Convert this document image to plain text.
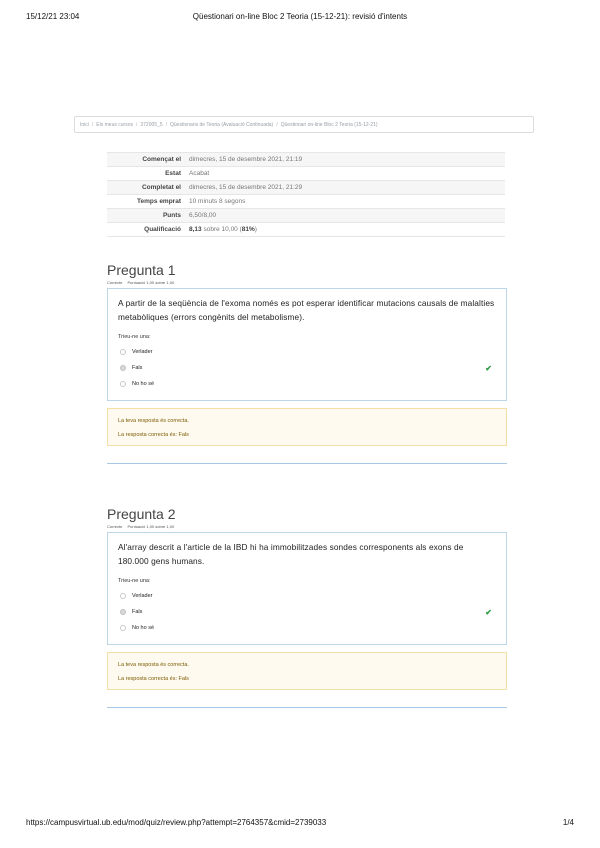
15/12/21 23:04	Qüestionari on-line Bloc 2 Teoria (15-12-21): revisió d'intents
Inici / Els meus cursos / 372005_5 / Qüestionaris de Teoria (Avaluació Continuada) / Qüestionari on-line Bloc 2 Teoria (15-12-21)
Començat el	dimecres, 15 de desembre 2021, 21:19
Estat	Acabat
Completat el	dimecres, 15 de desembre 2021, 21:29
Temps emprat	10 minuts 8 segons
Punts	6,50/8,00
Qualificació	8,13 sobre 10,00 (81%)
Pregunta 1
Correcte Puntuació 1,00 sobre 1,00
A partir de la seqüència de l'exoma només es pot esperar identificar mutacions causals de malalties metabòliques (errors congènits del metabolisme).
Trieu-ne una:
Verlader
Fals	✔
No ho sé
La teva resposta és correcta.
La resposta correcta és: Fals
Pregunta 2
Correcte Puntuació 1,00 sobre 1,00
Al'array descrit a l'article de la IBD hi ha immobilitzades sondes corresponents als exons de 180.000 gens humans.
Trieu-ne una:
Verlader
Fals	✔
No ho sé
La teva resposta és correcta.
La resposta correcta és: Fals
https://campusvirtual.ub.edu/mod/quiz/review.php?attempt=2764357&cmid=2739033	1/4
